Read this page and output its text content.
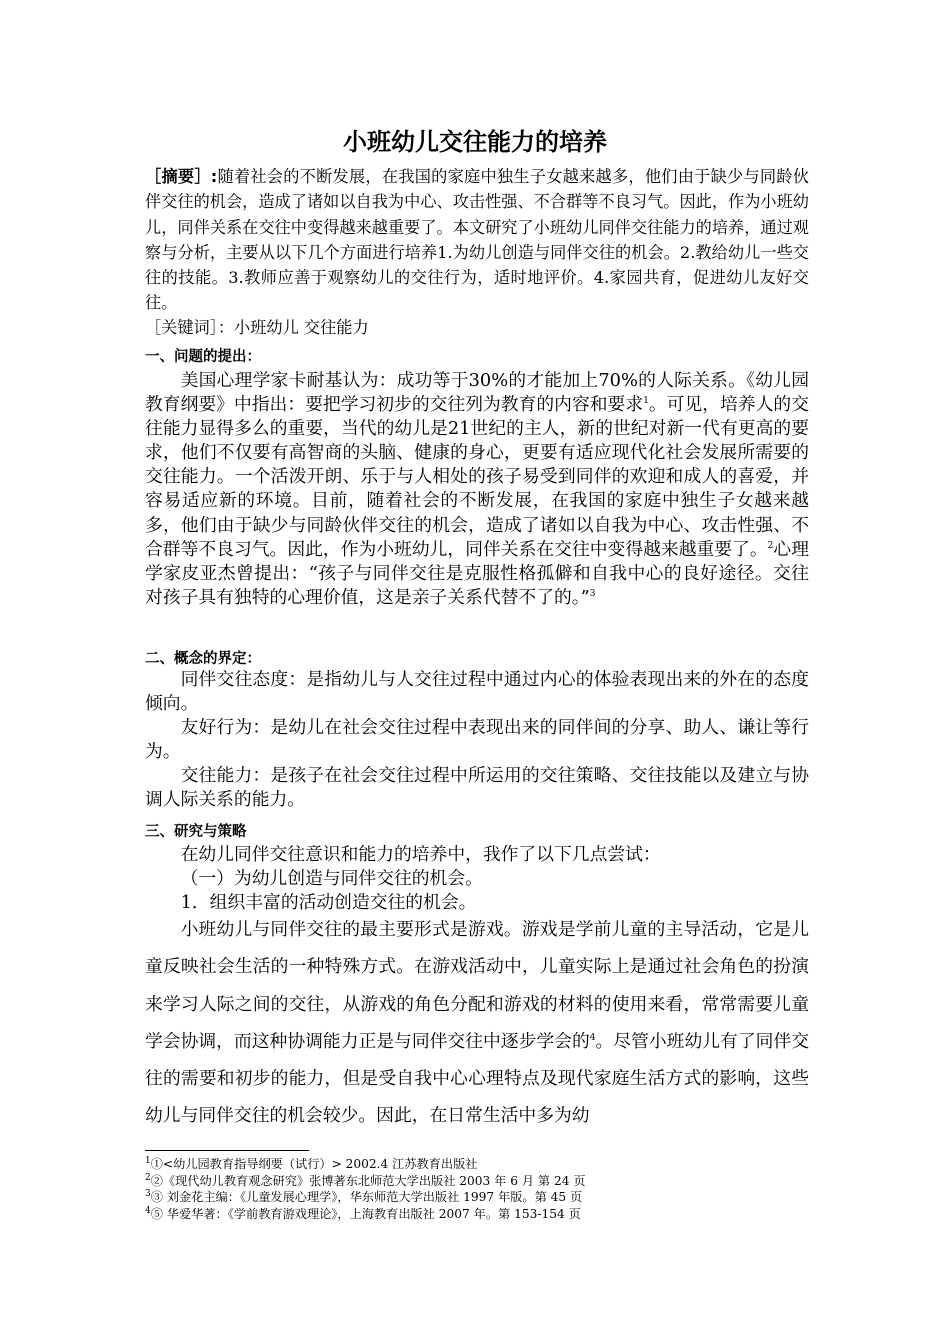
小班幼儿交往能力的培养
［摘要］:随着社会的不断发展，在我国的家庭中独生子女越来越多，他们由于缺少与同龄伙伴交往的机会，造成了诸如以自我为中心、攻击性强、不合群等不良习气。因此，作为小班幼儿，同伴关系在交往中变得越来越重要了。本文研究了小班幼儿同伴交往能力的培养，通过观察与分析，主要从以下几个方面进行培养1.为幼儿创造与同伴交往的机会。2.教给幼儿一些交往的技能。3.教师应善于观察幼儿的交往行为，适时地评价。4.家园共育，促进幼儿友好交往。
［关键词］：小班幼儿 交往能力
一、问题的提出：

美国心理学家卡耐基认为：成功等于30%的才能加上70%的人际关系。《幼儿园教育纲要》中指出：要把学习初步的交往列为教育的内容和要求$^1$。可见，培养人的交往能力显得多么的重要，当代的幼儿是21世纪的主人，新的世纪对新一代有更高的要求，他们不仅要有高智商的头脑、健康的身心，更要有适应现代化社会发展所需要的交往能力。一个活泼开朗、乐于与人相处的孩子易受到同伴的欢迎和成人的喜爱，并容易适应新的环境。目前，随着社会的不断发展，在我国的家庭中独生子女越来越多，他们由于缺少与同龄伙伴交往的机会，造成了诸如以自我为中心、攻击性强、不合群等不良习气。因此，作为小班幼儿，同伴关系在交往中变得越来越重要了。$^2$心理学家皮亚杰曾提出：“孩子与同伴交往是克服性格孤僻和自我中心的良好途径。交往对孩子具有独特的心理价值，这是亲子关系代替不了的。”$^3$

二、概念的界定：

同伴交往态度：是指幼儿与人交往过程中通过内心的体验表现出来的外在的态度倾向。

友好行为：是幼儿在社会交往过程中表现出来的同伴间的分享、助人、谦让等行为。

交往能力：是孩子在社会交往过程中所运用的交往策略、交往技能以及建立与协调人际关系的能力。

三、研究与策略

在幼儿同伴交往意识和能力的培养中，我作了以下几点尝试：

（一）为幼儿创造与同伴交往的机会。

1．组织丰富的活动创造交往的机会。

小班幼儿与同伴交往的最主要形式是游戏。游戏是学前儿童的主导活动，它是儿童反映社会生活的一种特殊方式。在游戏活动中，儿童实际上是通过社会角色的扮演来学习人际之间的交往，从游戏的角色分配和游戏的材料的使用来看，常常需要儿童学会协调，而这种协调能力正是与同伴交往中逐步学会的$^4$。尽管小班幼儿有了同伴交往的需要和初步的能力，但是受自我中心心理特点及现代家庭生活方式的影响，这些幼儿与同伴交往的机会较少。因此，在日常生活中多为幼

$^1$①<幼儿园教育指导纲要（试行）> 2002.4 江苏教育出版社
$^2$②《现代幼儿教育观念研究》张博著东北师范大学出版社 2003 年 6 月 第 24 页
$^3$③ 刘金花主编：《儿童发展心理学》，华东师范大学出版社 1997 年版。第 45 页
$^4$⑤ 华爱华著：《学前教育游戏理论》，上海教育出版社 2007 年。第 153-154 页
